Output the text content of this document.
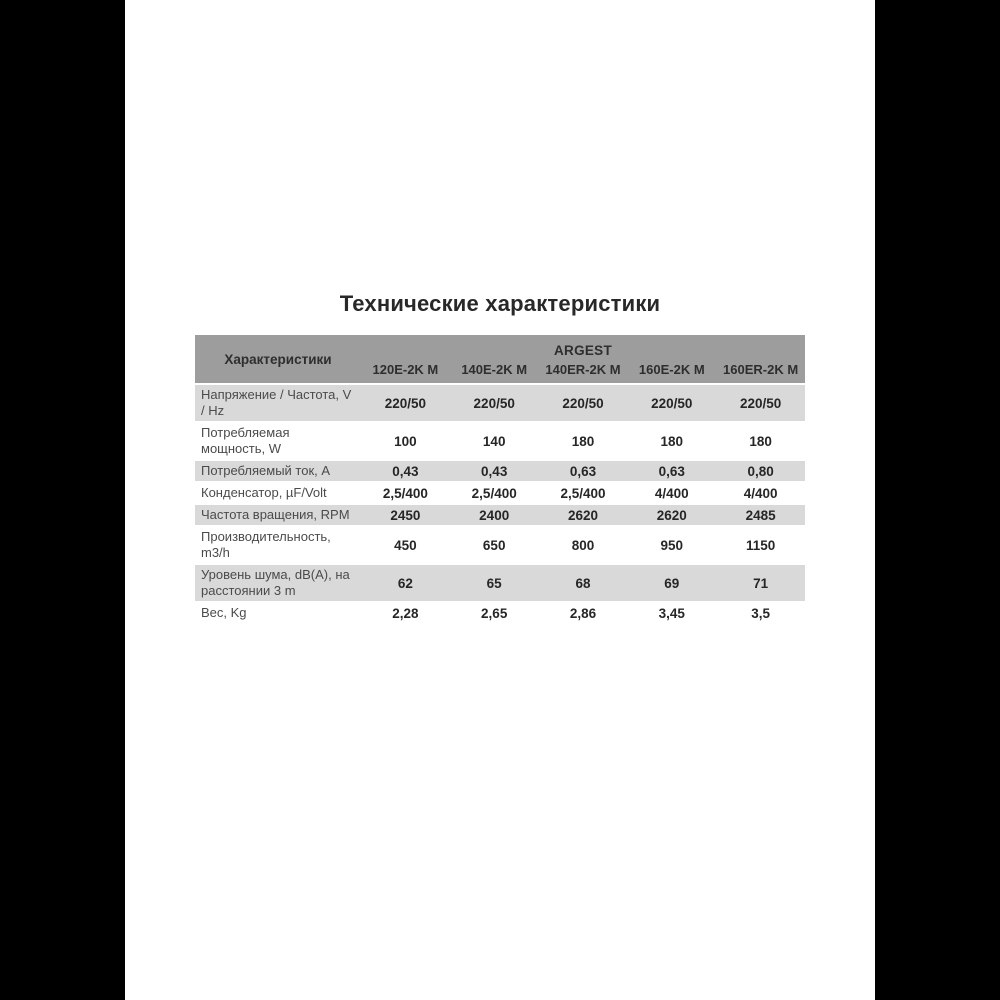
Технические характеристики
Характеристики	ARGEST				
	120E-2K M	140E-2K M	140ER-2K M	160E-2K M	160ER-2K M
Напряжение / Частота, V / Hz	220/50	220/50	220/50	220/50	220/50
Потребляемая мощность, W	100	140	180	180	180
Потребляемый ток, А	0,43	0,43	0,63	0,63	0,80
Конденсатор, µF/Volt	2,5/400	2,5/400	2,5/400	4/400	4/400
Частота вращения, RPM	2450	2400	2620	2620	2485
Производительность, m3/h	450	650	800	950	1150
Уровень шума, dB(A), на расстоянии 3 m	62	65	68	69	71
Вес, Kg	2,28	2,65	2,86	3,45	3,5
